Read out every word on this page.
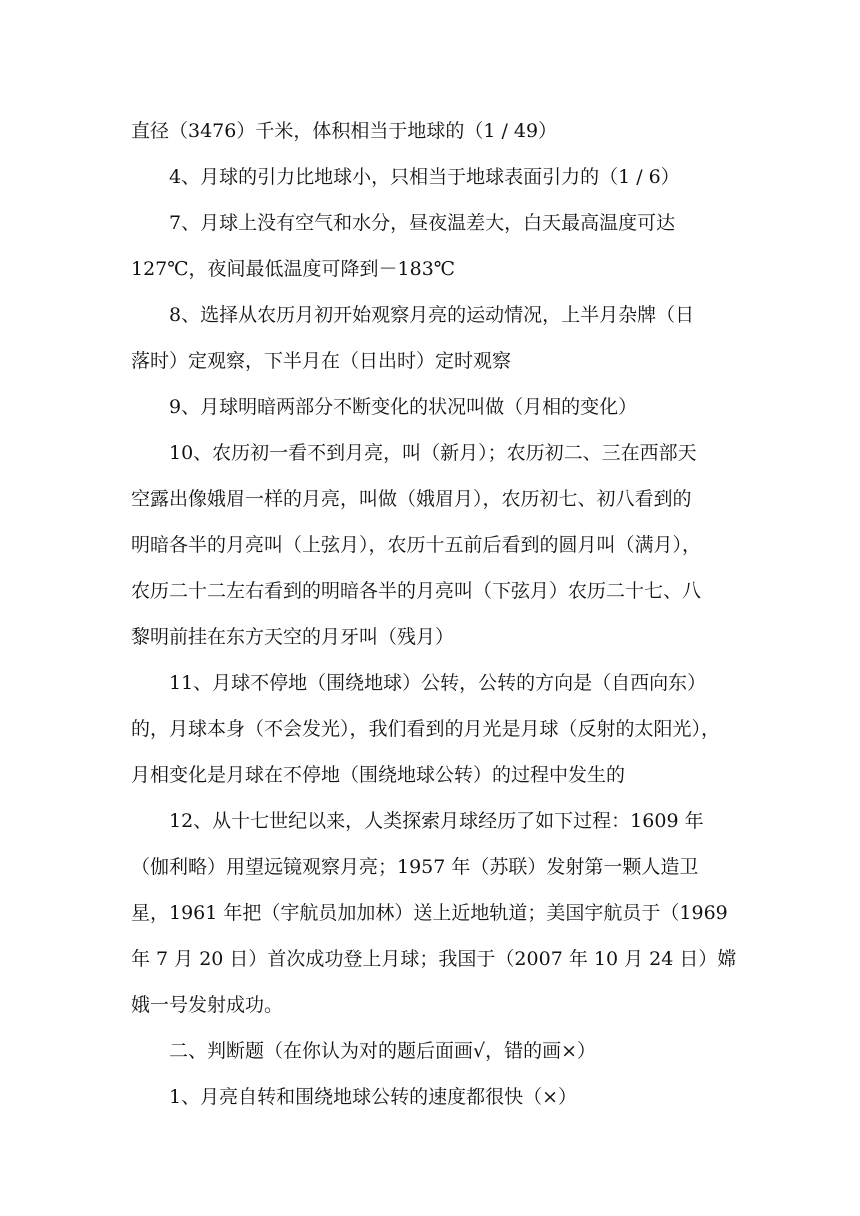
直径（3476）千米，体积相当于地球的（1 / 49）

4、月球的引力比地球小，只相当于地球表面引力的（1 / 6）

7、月球上没有空气和水分，昼夜温差大，白天最高温度可达
127℃，夜间最低温度可降到－183℃

8、选择从农历月初开始观察月亮的运动情况，上半月杂牌（日
落时）定观察，下半月在（日出时）定时观察

9、月球明暗两部分不断变化的状况叫做（月相的变化）

10、农历初一看不到月亮，叫（新月）；农历初二、三在西部天
空露出像娥眉一样的月亮，叫做（娥眉月），农历初七、初八看到的
明暗各半的月亮叫（上弦月），农历十五前后看到的圆月叫（满月），
农历二十二左右看到的明暗各半的月亮叫（下弦月）农历二十七、八
黎明前挂在东方天空的月牙叫（残月）

11、月球不停地（围绕地球）公转，公转的方向是（自西向东）
的，月球本身（不会发光），我们看到的月光是月球（反射的太阳光），
月相变化是月球在不停地（围绕地球公转）的过程中发生的

12、从十七世纪以来，人类探索月球经历了如下过程：1609 年
（伽利略）用望远镜观察月亮；1957 年（苏联）发射第一颗人造卫
星，1961 年把（宇航员加加林）送上近地轨道；美国宇航员于（1969
年 7 月 20 日）首次成功登上月球；我国于（2007 年 10 月 24 日）嫦
娥一号发射成功。

二、判断题（在你认为对的题后面画√，错的画×）

1、月亮自转和围绕地球公转的速度都很快（×）
